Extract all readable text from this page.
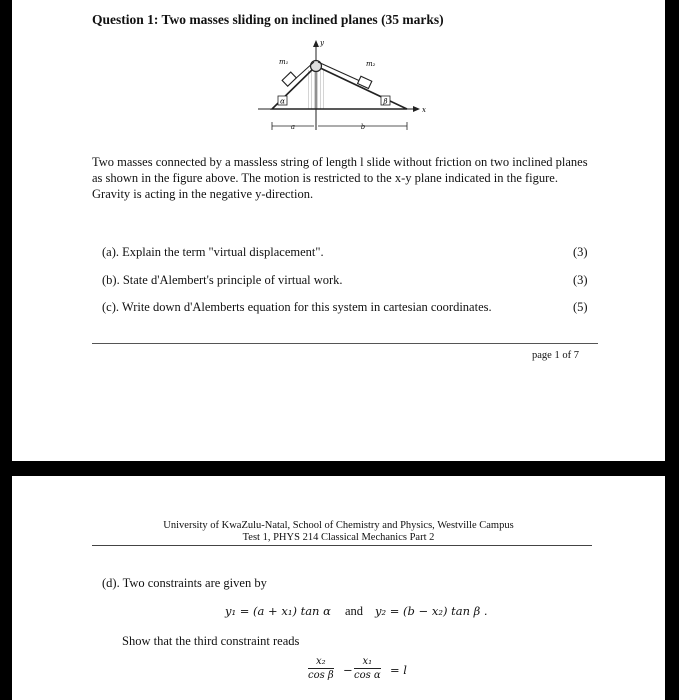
Question 1: Two masses sliding on inclined planes (35 marks)
α	β
m₁	m₂
y
x
a	b
Two masses connected by a massless string of length l slide without friction on two inclined planes as shown in the figure above. The motion is restricted to the x-y plane indicated in the figure. Gravity is acting in the negative y-direction.
(a). Explain the term "virtual displacement".	(3)
(b). State d'Alembert's principle of virtual work.	(3)
(c). Write down d'Alemberts equation for this system in cartesian coordinates.	(5)
page 1 of 7
University of KwaZulu-Natal, School of Chemistry and Physics, Westville Campus
Test 1, PHYS 214 Classical Mechanics Part 2
(d). Two constraints are given by
y₁ = (a + x₁) tan α and y₂ = (b − x₂) tan β .
Show that the third constraint reads
$\frac{\text{x₂}}{\text{cos β}} - \frac{\text{x₁}}{\text{cos α}} = l$
